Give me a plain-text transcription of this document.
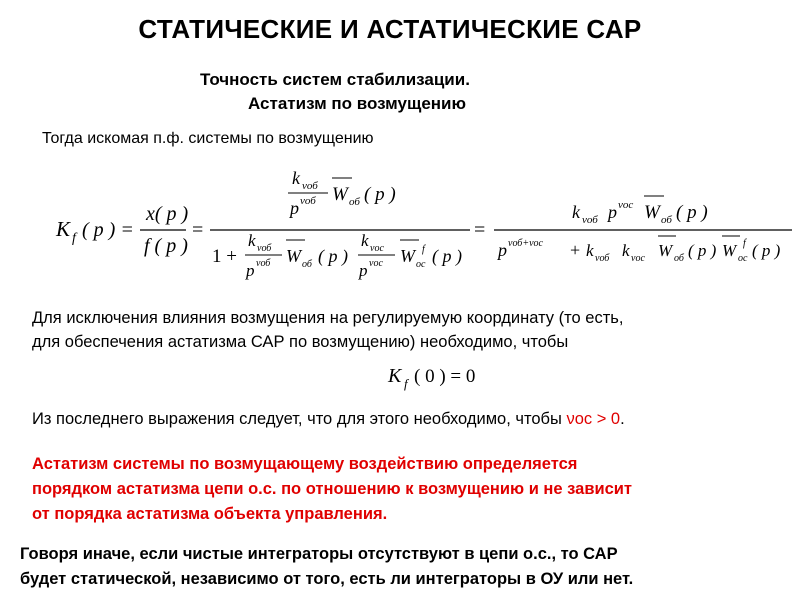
СТАТИЧЕСКИЕ И АСТАТИЧЕСКИЕ САР
Точность систем стабилизации.
Астатизм по возмущению
Тогда искомая п.ф. системы по возмущению
K f ( p ) =
x( p )
f ( p )
=
k νоб
p νоб W об ( p )
1 +
k νоб
p νоб W об ( p )
k νос
p νос W f
ос ( p )
=
k νоб p νос W об ( p )
p νоб+νос + k νоб k νос W об ( p ) W f
ос ( p )
Для исключения влияния возмущения на регулируемую координату (то есть,
для обеспечения астатизма САР по возмущению) необходимо, чтобы
K f ( 0 ) = 0
Из последнего выражения следует, что для этого необходимо, чтобы νос > 0.
Астатизм системы по возмущающему воздействию определяется
порядком астатизма цепи о.с. по отношению к возмущению и не зависит
от порядка астатизма объекта управления.
Говоря иначе, если чистые интеграторы отсутствуют в цепи о.с., то САР
будет статической, независимо от того, есть ли интеграторы в ОУ или нет.
